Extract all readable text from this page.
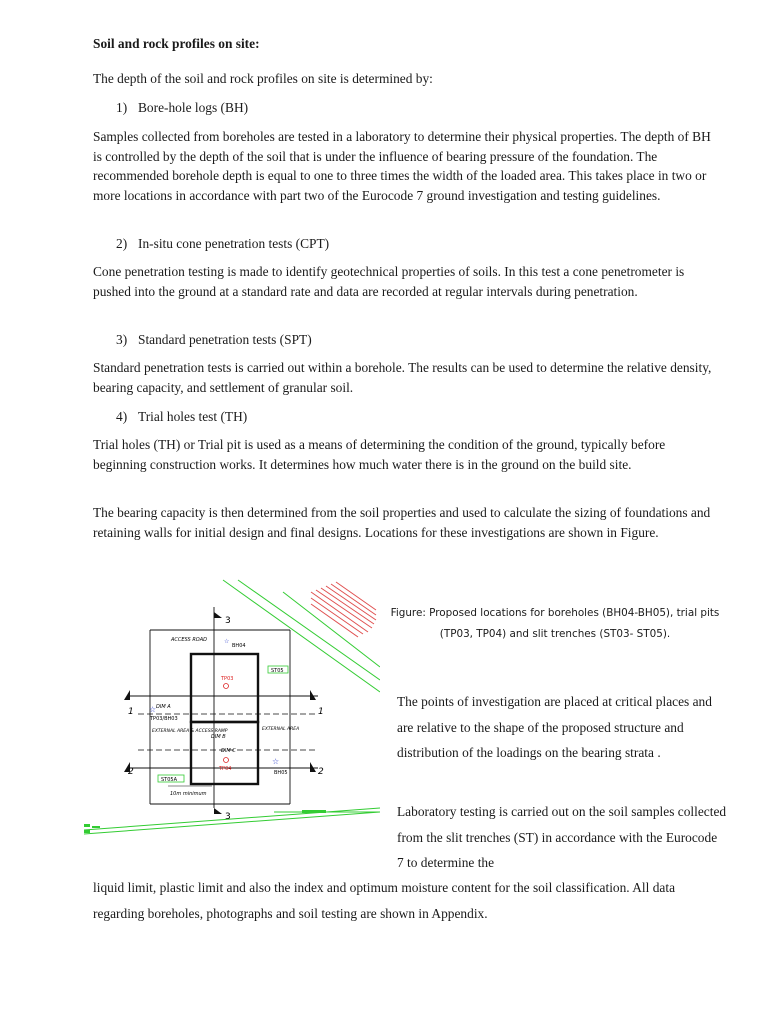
Soil and rock profiles on site:

The depth of the soil and rock profiles on site is determined by:

1) Bore-hole logs (BH)

Samples collected from boreholes are tested in a laboratory to determine their physical properties. The depth of BH is controlled by the depth of the soil that is under the influence of bearing pressure of the foundation. The recommended borehole depth is equal to one to three times the width of the loaded area. This takes place in two or more locations in accordance with part two of the Eurocode 7 ground investigation and testing guidelines.

2) In-situ cone penetration tests (CPT)

Cone penetration testing is made to identify geotechnical properties of soils. In this test a cone penetrometer is pushed into the ground at a standard rate and data are recorded at regular intervals during penetration.

3) Standard penetration tests (SPT)

Standard penetration tests is carried out within a borehole. The results can be used to determine the relative density, bearing capacity, and settlement of granular soil.

4) Trial holes test (TH)

Trial holes (TH) or Trial pit is used as a means of determining the condition of the ground, typically before beginning construction works. It determines how much water there is in the ground on the build site.

The bearing capacity is then determined from the soil properties and used to calculate the sizing of foundations and retaining walls for initial design and final designs. Locations for these investigations are shown in Figure.

3
3
1	1
2	2
ACCESS ROAD	☆
BH04
ST05
TP03
DIM A
☆
TP03/BH03
EXTERNAL AREA & ACCESS RAMP
DIM B
EXTERNAL AREA
DIM C
TP04
☆
BH05
ST05A
10m minimum
Figure: Proposed locations for boreholes (BH04-BH05), trial pits (TP03, TP04) and slit trenches (ST03- ST05).

The points of investigation are placed at critical places and are relative to the shape of the proposed structure and distribution of the loadings on the bearing strata .

Laboratory testing is carried out on the soil samples collected from the slit trenches (ST) in accordance with the Eurocode 7 to determine the

liquid limit, plastic limit and also the index and optimum moisture content for the soil classification. All data regarding boreholes, photographs and soil testing are shown in Appendix.
